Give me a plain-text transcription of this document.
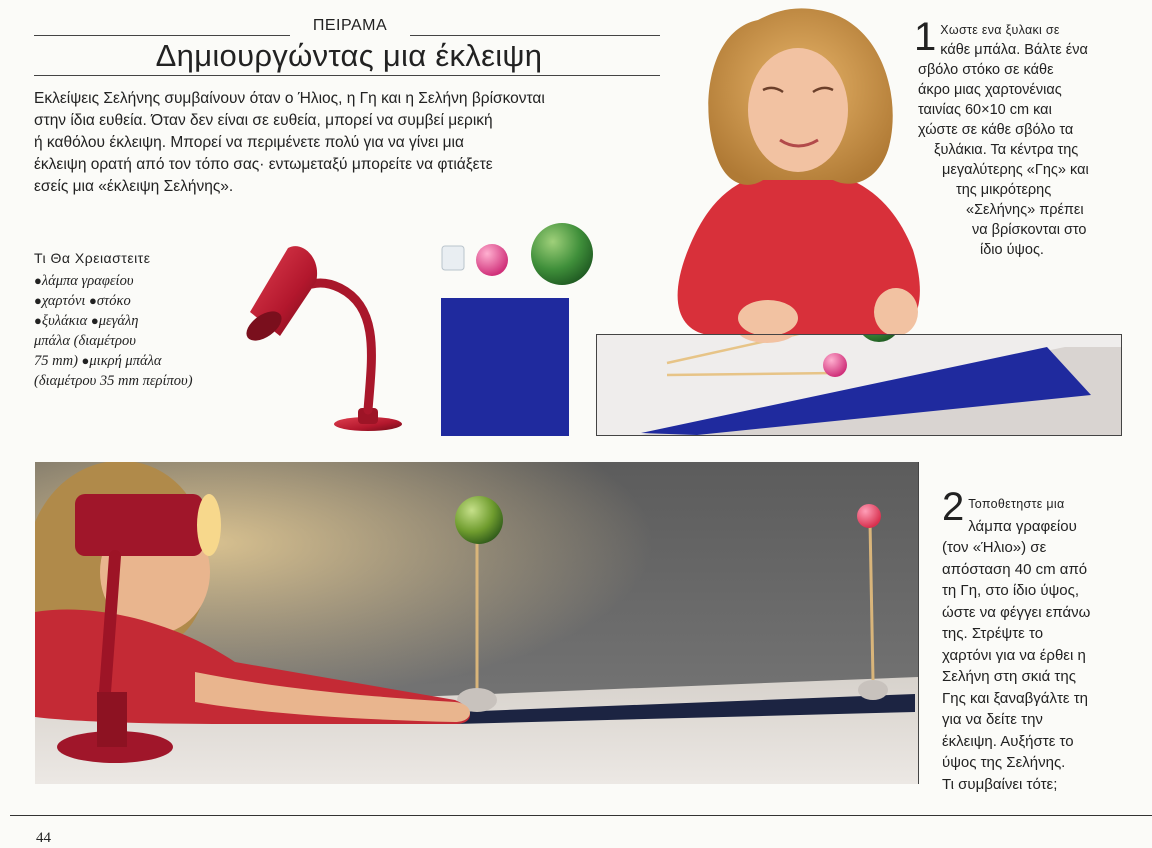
ΠΕΙΡΑΜΑ
Δημιουργώντας μια έκλειψη
Εκλείψεις Σελήνης συμβαίνουν όταν ο Ήλιος, η Γη και η Σελήνη βρίσκονται
στην ίδια ευθεία. Όταν δεν είναι σε ευθεία, μπορεί να συμβεί μερική
ή καθόλου έκλειψη. Μπορεί να περιμένετε πολύ για να γίνει μια
έκλειψη ορατή από τον τόπο σας· εντωμεταξύ μπορείτε να φτιάξετε
εσείς μια «έκλειψη Σελήνης».
Τι Θα Χρειαστειτε
●λάμπα γραφείου
●χαρτόνι ●στόκο
●ξυλάκια ●μεγάλη
μπάλα (διαμέτρου
75 mm) ●μικρή μπάλα
(διαμέτρου 35 mm περίπου)
1 Χωστε ενα ξυλακι σε
κάθε μπάλα. Βάλτε ένα
σβόλο στόκο σε κάθε
άκρο μιας χαρτονένιας
ταινίας 60×10 cm και
χώστε σε κάθε σβόλο τα
ξυλάκια. Τα κέντρα της
μεγαλύτερης «Γης» και
της μικρότερης
«Σελήνης» πρέπει
να βρίσκονται στο
ίδιο ύψος.
2 Τοποθετηστε μια
λάμπα γραφείου
(τον «Ήλιο») σε
απόσταση 40 cm από
τη Γη, στο ίδιο ύψος,
ώστε να φέγγει επάνω
της. Στρέψτε το
χαρτόνι για να έρθει η
Σελήνη στη σκιά της
Γης και ξαναβγάλτε τη
για να δείτε την
έκλειψη. Αυξήστε το
ύψος της Σελήνης.
Τι συμβαίνει τότε;
44
